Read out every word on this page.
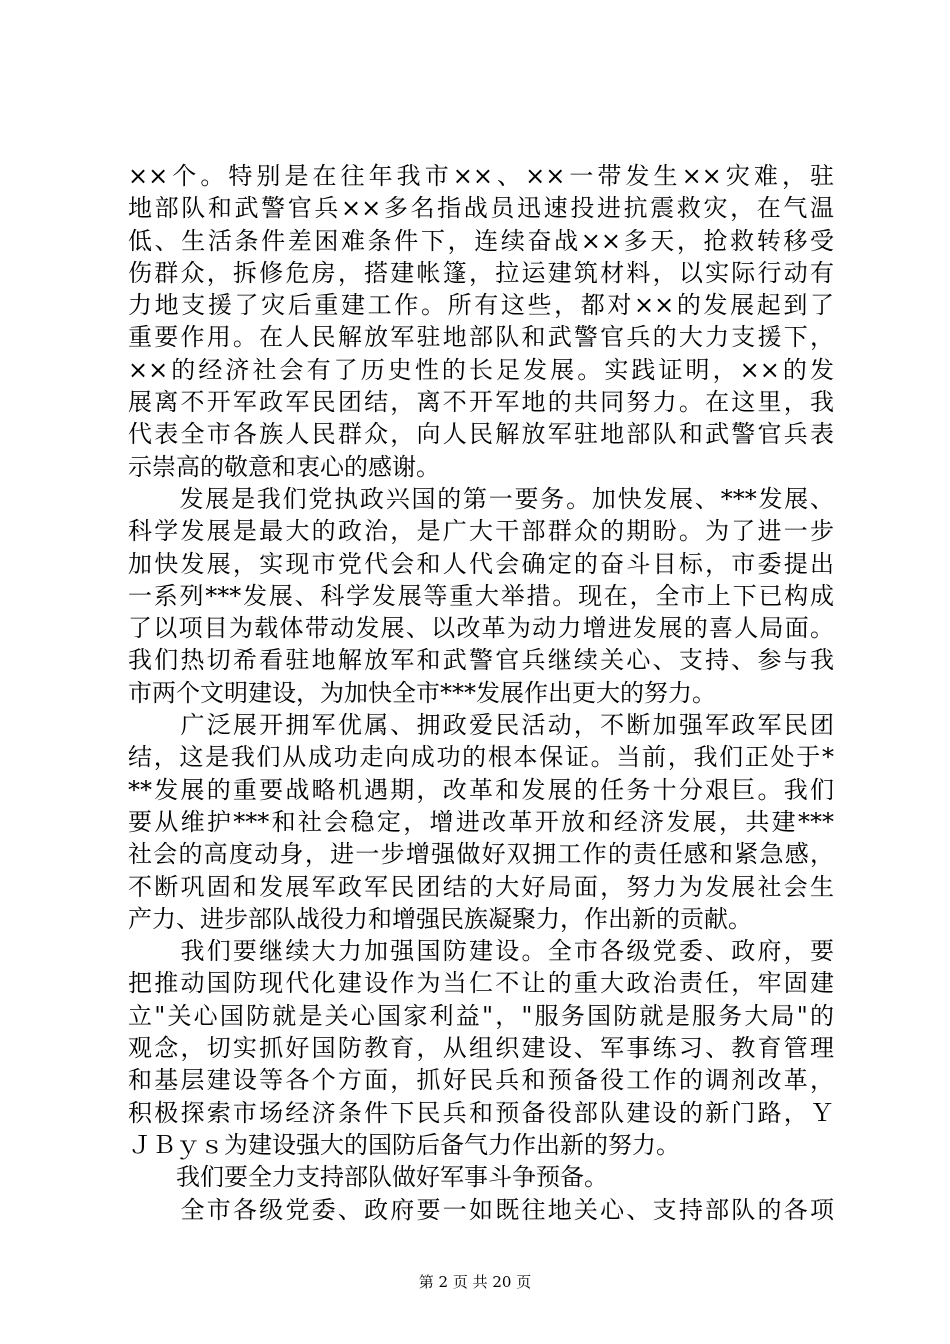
××个。特别是在往年我市××、××一带发生××灾难，驻
地部队和武警官兵××多名指战员迅速投进抗震救灾，在气温
低、生活条件差困难条件下，连续奋战××多天，抢救转移受
伤群众，拆修危房，搭建帐篷，拉运建筑材料，以实际行动有
力地支援了灾后重建工作。所有这些，都对××的发展起到了
重要作用。在人民解放军驻地部队和武警官兵的大力支援下，
××的经济社会有了历史性的长足发展。实践证明，××的发
展离不开军政军民团结，离不开军地的共同努力。在这里，我
代表全市各族人民群众，向人民解放军驻地部队和武警官兵表
示崇高的敬意和衷心的感谢。
　　发展是我们党执政兴国的第一要务。加快发展、***发展、
科学发展是最大的政治，是广大干部群众的期盼。为了进一步
加快发展，实现市党代会和人代会确定的奋斗目标，市委提出
一系列***发展、科学发展等重大举措。现在，全市上下已构成
了以项目为载体带动发展、以改革为动力增进发展的喜人局面。
我们热切希看驻地解放军和武警官兵继续关心、支持、参与我
市两个文明建设，为加快全市***发展作出更大的努力。
　　广泛展开拥军优属、拥政爱民活动，不断加强军政军民团
结，这是我们从成功走向成功的根本保证。当前，我们正处于*
**发展的重要战略机遇期，改革和发展的任务十分艰巨。我们
要从维护***和社会稳定，增进改革开放和经济发展，共建***
社会的高度动身，进一步增强做好双拥工作的责任感和紧急感，
不断巩固和发展军政军民团结的大好局面，努力为发展社会生
产力、进步部队战役力和增强民族凝聚力，作出新的贡献。
　　我们要继续大力加强国防建设。全市各级党委、政府，要
把推动国防现代化建设作为当仁不让的重大政治责任，牢固建
立"关心国防就是关心国家利益"，"服务国防就是服务大局"的
观念，切实抓好国防教育，从组织建设、军事练习、教育管理
和基层建设等各个方面，抓好民兵和预备役工作的调剂改革，
积极探索市场经济条件下民兵和预备役部队建设的新门路，Ｙ
ＪＢｙｓ为建设强大的国防后备气力作出新的努力。
　　我们要全力支持部队做好军事斗争预备。
　　全市各级党委、政府要一如既往地关心、支持部队的各项
第 2 页 共 20 页
